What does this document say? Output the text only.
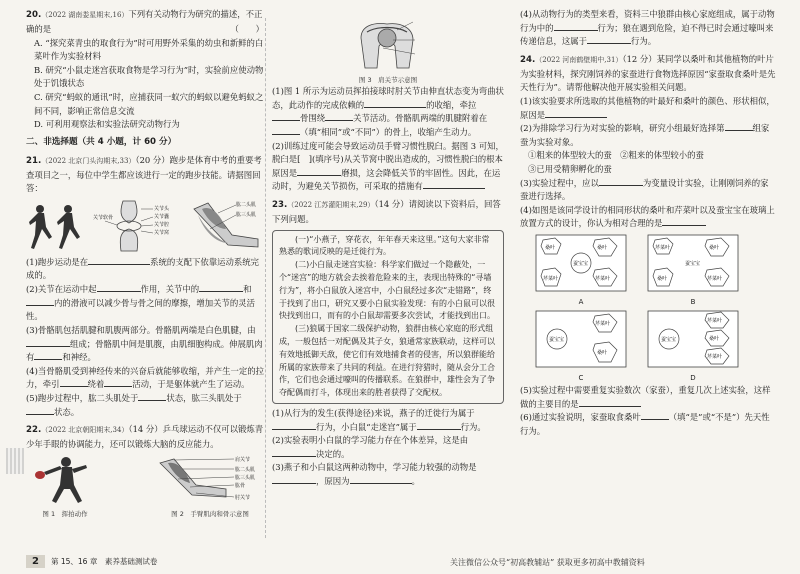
20.（2022 湖南娄星期末,16）下列有关动物行为研究的描述，不正确的是	（　　）
A. “探究菜青虫的取食行为”时可用野外采集的幼虫和新鲜的白菜叶作为实验材料
B. 研究“小鼠走迷宫获取食物是学习行为”时，实验前应使动物处于饥饿状态
C. 研究“蚂蚁的通讯”时，应捕获同一蚁穴的蚂蚁以避免蚂蚁之间不同，影响正常信息交流
D. 可利用观察法和实验法研究动物行为
二、非选择题（共 4 小题，计 60 分）
21.（2022 北京门头沟期末,33）（20 分）跑步是体育中考的重要考查项目之一，每位中学生都应该进行一定的跑步技能。请据图回答：
关节软骨
关节头
关节囊
关节腔
关节窝
肱二头肌
肱三头肌
(1)跑步运动是在	系统的支配下依靠运动系统完成的。
(2)关节在运动中起	作用，关节中的	和内的滑液可以减少骨与骨之间的摩擦，增加关节的灵活性。
(3)骨骼肌包括肌腱和肌腹两部分。骨骼肌两端是白色肌腱，由组成；骨骼肌中间是肌腹，由肌细胞构成。伸展肌肉有	和神经。
(4)当骨骼肌受到神经传来的兴奋后就能够收缩，并产生一定的拉力，牵引	绕着	活动，于是躯体就产生了运动。
(5)跑步过程中，肱二头肌处于	状态，肱三头肌处于状态。
22.（2022 北京朝阳期末,34）（14 分）乒乓球运动不仅可以锻炼青少年手眼的协调能力，还可以锻炼大脑的反应能力。
图 1　挥拍动作
肩关节
肱二头肌
肱三头肌
肱骨
肘关节
图 2　手臂肌肉和骨示意图
图 3　肩关节示意图
(1)图 1 所示为运动员挥拍接球时肘关节由伸直状态变为弯曲状态，此动作的完成依赖的	的收缩，牵拉骨围绕	关节活动。骨骼肌两端的肌腱附着在（填“相同”或“不同”）的骨上，收缩产生动力。
(2)训练过度可能会导致运动员手臂习惯性脱臼。据图 3 可知，脱臼是[　](填序号)从关节窝中脱出造成的，习惯性脱臼的根本原因是	磨损，这会降低关节的牢固性。因此，在运动时，为避免关节损伤，可采取的措施有
23.（2022 江苏灌阳期末,29）（14 分）请阅读以下资料后，回答下列问题。

(一)“小燕子，穿花衣，年年春天来这里。”这句大家非常熟悉的歌词反映的是迁徙行为。

(二)小白鼠走迷宫实验：科学家们做过一个隐蔽处，一个“迷宫”的地方就会去挨着危险来的主，表现出特殊的“寻墙行为”，将小白鼠放入迷宫中，小白鼠经过多次“走错路”，终于找到了出口，研究又要小白鼠实验发现：有的小白鼠可以很快找到出口，而有的小白鼠却需要多次尝试，才能找到出口。

(三)狼属于国家二级保护动物，狼群由核心家庭的形式组成，一般包括一对配偶及其子女，狼通常家族联动，这样可以有效地抵御天敌，使它们有效地捕食者的侵害，所以狼群能给所属的家族带来了共同的利益。在进行狩猎时，随从会分工合作，它们也会通过嚎叫的传播联系。在狼群中，雄性会为了争夺配偶而打斗，体现出来的胜者获得了交配权。

(1)从行为的发生(获得途径)来说，燕子的迁徙行为属于行为，小白鼠“走迷宫”属于	行为。
(2)实验表明小白鼠的学习能力存在个体差异，这是由决定的。
(3)燕子和小白鼠这两种动物中，学习能力较强的动物是，原因为	。
(4)从动物行为的类型来看，资料三中狼群由核心家庭组成，属于动物行为中的	行为；狼在遇到危险，迫不得已时会通过嚎叫来传递信息，这属于	行为。
24.（2022 河南鹤壁期中,31）（12 分）某同学以桑叶和其他植物的叶片为实验材料，探究刚饲养的家蚕进行食物选择原因“家蚕取食桑叶是先天性行为”。请帮他解决他开展实验相关问题。
(1)该实验要求所选取的其他植物的叶最好和桑叶的颜色、形状相似，原因是
(2)为排除学习行为对实验的影响，研究小组最好选择第	组家蚕为实验对象。
①粗来的体型较大的蚕　 ②粗来的体型较小的蚕
③已用受精卵孵化的蚕
(3)实验过程中，应以	为变量设计实验，让刚刚饲养的家蚕进行选择。
(4)如图是该同学设计的相同形状的桑叶和芹菜叶以及蚕宝宝在玻璃上放置方式的设计，你认为相对合理的是
桑叶	桑叶
蚕宝宝
芹菜叶	芹菜叶
A
芹菜叶	桑叶
桑叶	芹菜叶
蚕宝宝
B
芹菜叶
蚕宝宝
桑叶
C
芹菜叶
桑叶
芹菜叶
蚕宝宝
D
(5)实验过程中需要重复实验数次（家蚕），重复几次上述实验，这样做的主要目的是
(6)通过实验说明，家蚕取食桑叶	（填“是”或“不是”）先天性行为。
2	第 15、16 章　素养基础测试卷	关注微信公众号“初高教辅站” 获取更多初高中教辅资料
